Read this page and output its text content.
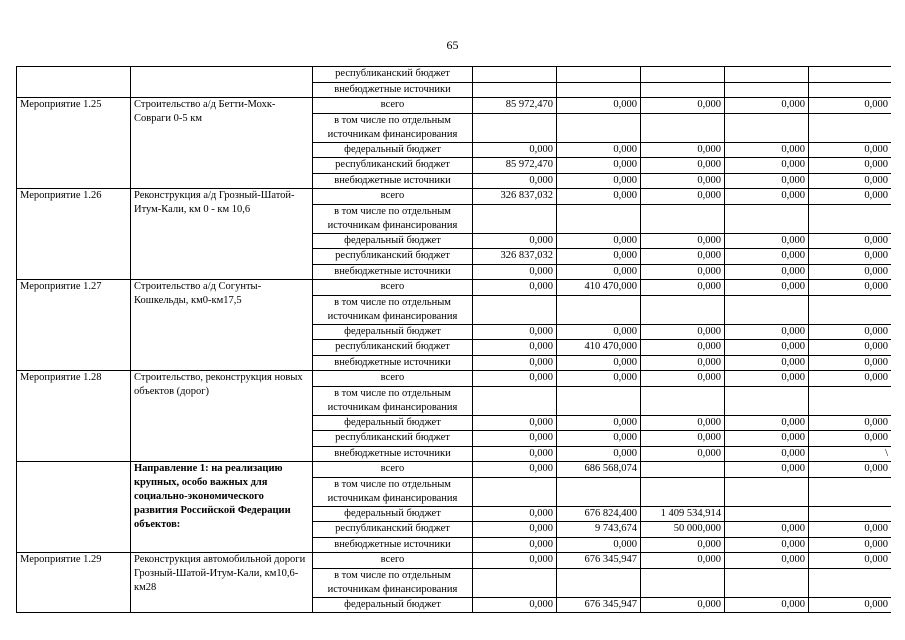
65
		республиканский бюджет					
		внебюджетные источники					
Мероприятие 1.25	Строительство а/д Бетти-Мохк-Совраги 0-5 км	всего	85 972,470	0,000	0,000	0,000	0,000
		в том числе по отдельным источникам финансирования					
		федеральный бюджет	0,000	0,000	0,000	0,000	0,000
		республиканский бюджет	85 972,470	0,000	0,000	0,000	0,000
		внебюджетные источники	0,000	0,000	0,000	0,000	0,000
Мероприятие 1.26	Реконструкция а/д Грозный-Шатой-Итум-Кали, км 0 - км 10,6	всего	326 837,032	0,000	0,000	0,000	0,000
		в том числе по отдельным источникам финансирования					
		федеральный бюджет	0,000	0,000	0,000	0,000	0,000
		республиканский бюджет	326 837,032	0,000	0,000	0,000	0,000
		внебюджетные источники	0,000	0,000	0,000	0,000	0,000
Мероприятие 1.27	Строительство а/д Согунты-Кошкельды, км0-км17,5	всего	0,000	410 470,000	0,000	0,000	0,000
		в том числе по отдельным источникам финансирования					
		федеральный бюджет	0,000	0,000	0,000	0,000	0,000
		республиканский бюджет	0,000	410 470,000	0,000	0,000	0,000
		внебюджетные источники	0,000	0,000	0,000	0,000	0,000
Мероприятие 1.28	Строительство, реконструкция новых объектов (дорог)	всего	0,000	0,000	0,000	0,000	0,000
		в том числе по отдельным источникам финансирования					
		федеральный бюджет	0,000	0,000	0,000	0,000	0,000
		республиканский бюджет	0,000	0,000	0,000	0,000	0,000
		внебюджетные источники	0,000	0,000	0,000	0,000	\
	Направление 1: на реализацию крупных, особо важных для социально-экономического развития Российской Федерации объектов:	всего	0,000	686 568,074		0,000	0,000
		в том числе по отдельным источникам финансирования					
		федеральный бюджет	0,000	676 824,400	1 409 534,914		
		республиканский бюджет	0,000	9 743,674	50 000,000	0,000	0,000
		внебюджетные источники	0,000	0,000	0,000	0,000	0,000
Мероприятие 1.29	Реконструкция автомобильной дороги Грозный-Шатой-Итум-Кали, км10,6-км28	всего	0,000	676 345,947	0,000	0,000	0,000
		в том числе по отдельным источникам финансирования					
		федеральный бюджет	0,000	676 345,947	0,000	0,000	0,000
